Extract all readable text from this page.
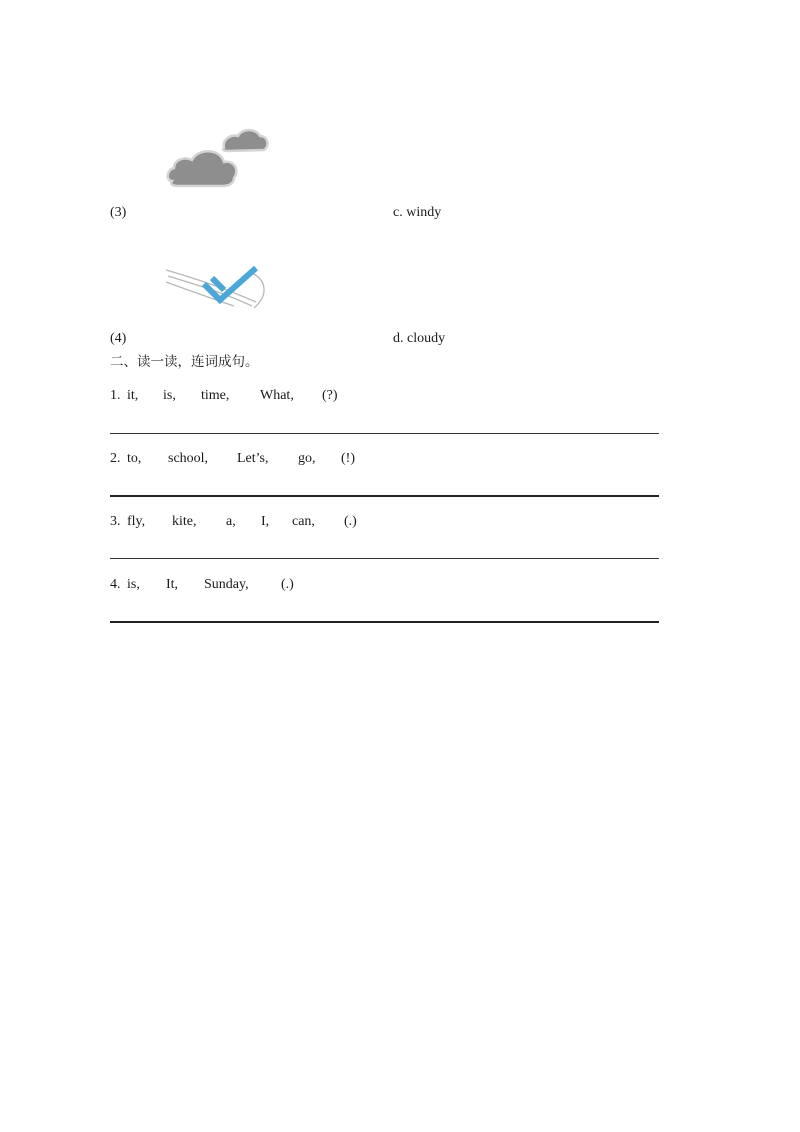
(3)	c. windy
(4)	d. cloudy
二、读一读，连词成句。
1. it, is, time, What, (?)
2. to, school, Let’s, go, (!)
3. fly, kite, a, I, can, (.)
4. is, It, Sunday, (.)
